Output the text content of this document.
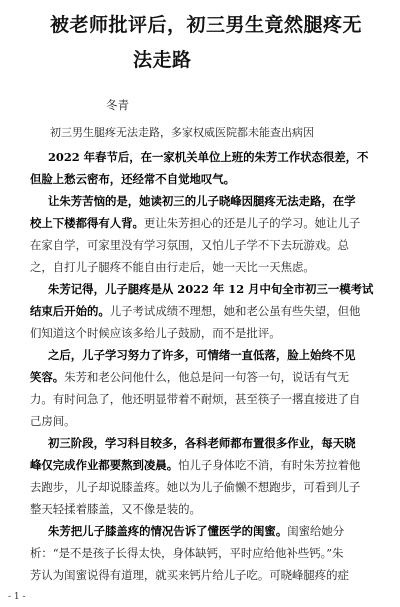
被老师批评后，初三男生竟然腿疼无
法走路
冬青
初三男生腿疼无法走路，多家权威医院都未能查出病因
2022 年春节后，在一家机关单位上班的朱芳工作状态很差，不
但脸上愁云密布，还经常不自觉地叹气。
让朱芳苦恼的是，她读初三的儿子晓峰因腿疼无法走路，在学
校上下楼都得有人背。更让朱芳担心的还是儿子的学习。她让儿子
在家自学，可家里没有学习氛围，又怕儿子学不下去玩游戏。总
之，自打儿子腿疼不能自由行走后，她一天比一天焦虑。
朱芳记得，儿子腿疼是从 2022 年 12 月中旬全市初三一模考试
结束后开始的。儿子考试成绩不理想，她和老公虽有些失望，但他
们知道这个时候应该多给儿子鼓励，而不是批评。
之后，儿子学习努力了许多，可情绪一直低落，脸上始终不见
笑容。朱芳和老公问他什么，他总是问一句答一句，说话有气无
力。有时问急了，他还明显带着不耐烦，甚至筷子一撂直接进了自
己房间。
初三阶段，学习科目较多，各科老师都布置很多作业，每天晓
峰仅完成作业都要熬到凌晨。怕儿子身体吃不消，有时朱芳拉着他
去跑步，儿子却说膝盖疼。她以为儿子偷懒不想跑步，可看到儿子
整天轻揉着膝盖，又不像是装的。
朱芳把儿子膝盖疼的情况告诉了懂医学的闺蜜。闺蜜给她分
析：“是不是孩子长得太快，身体缺钙，平时应给他补些钙。”朱
芳认为闺蜜说得有道理，就买来钙片给儿子吃。可晓峰腿疼的症
- 1 -
